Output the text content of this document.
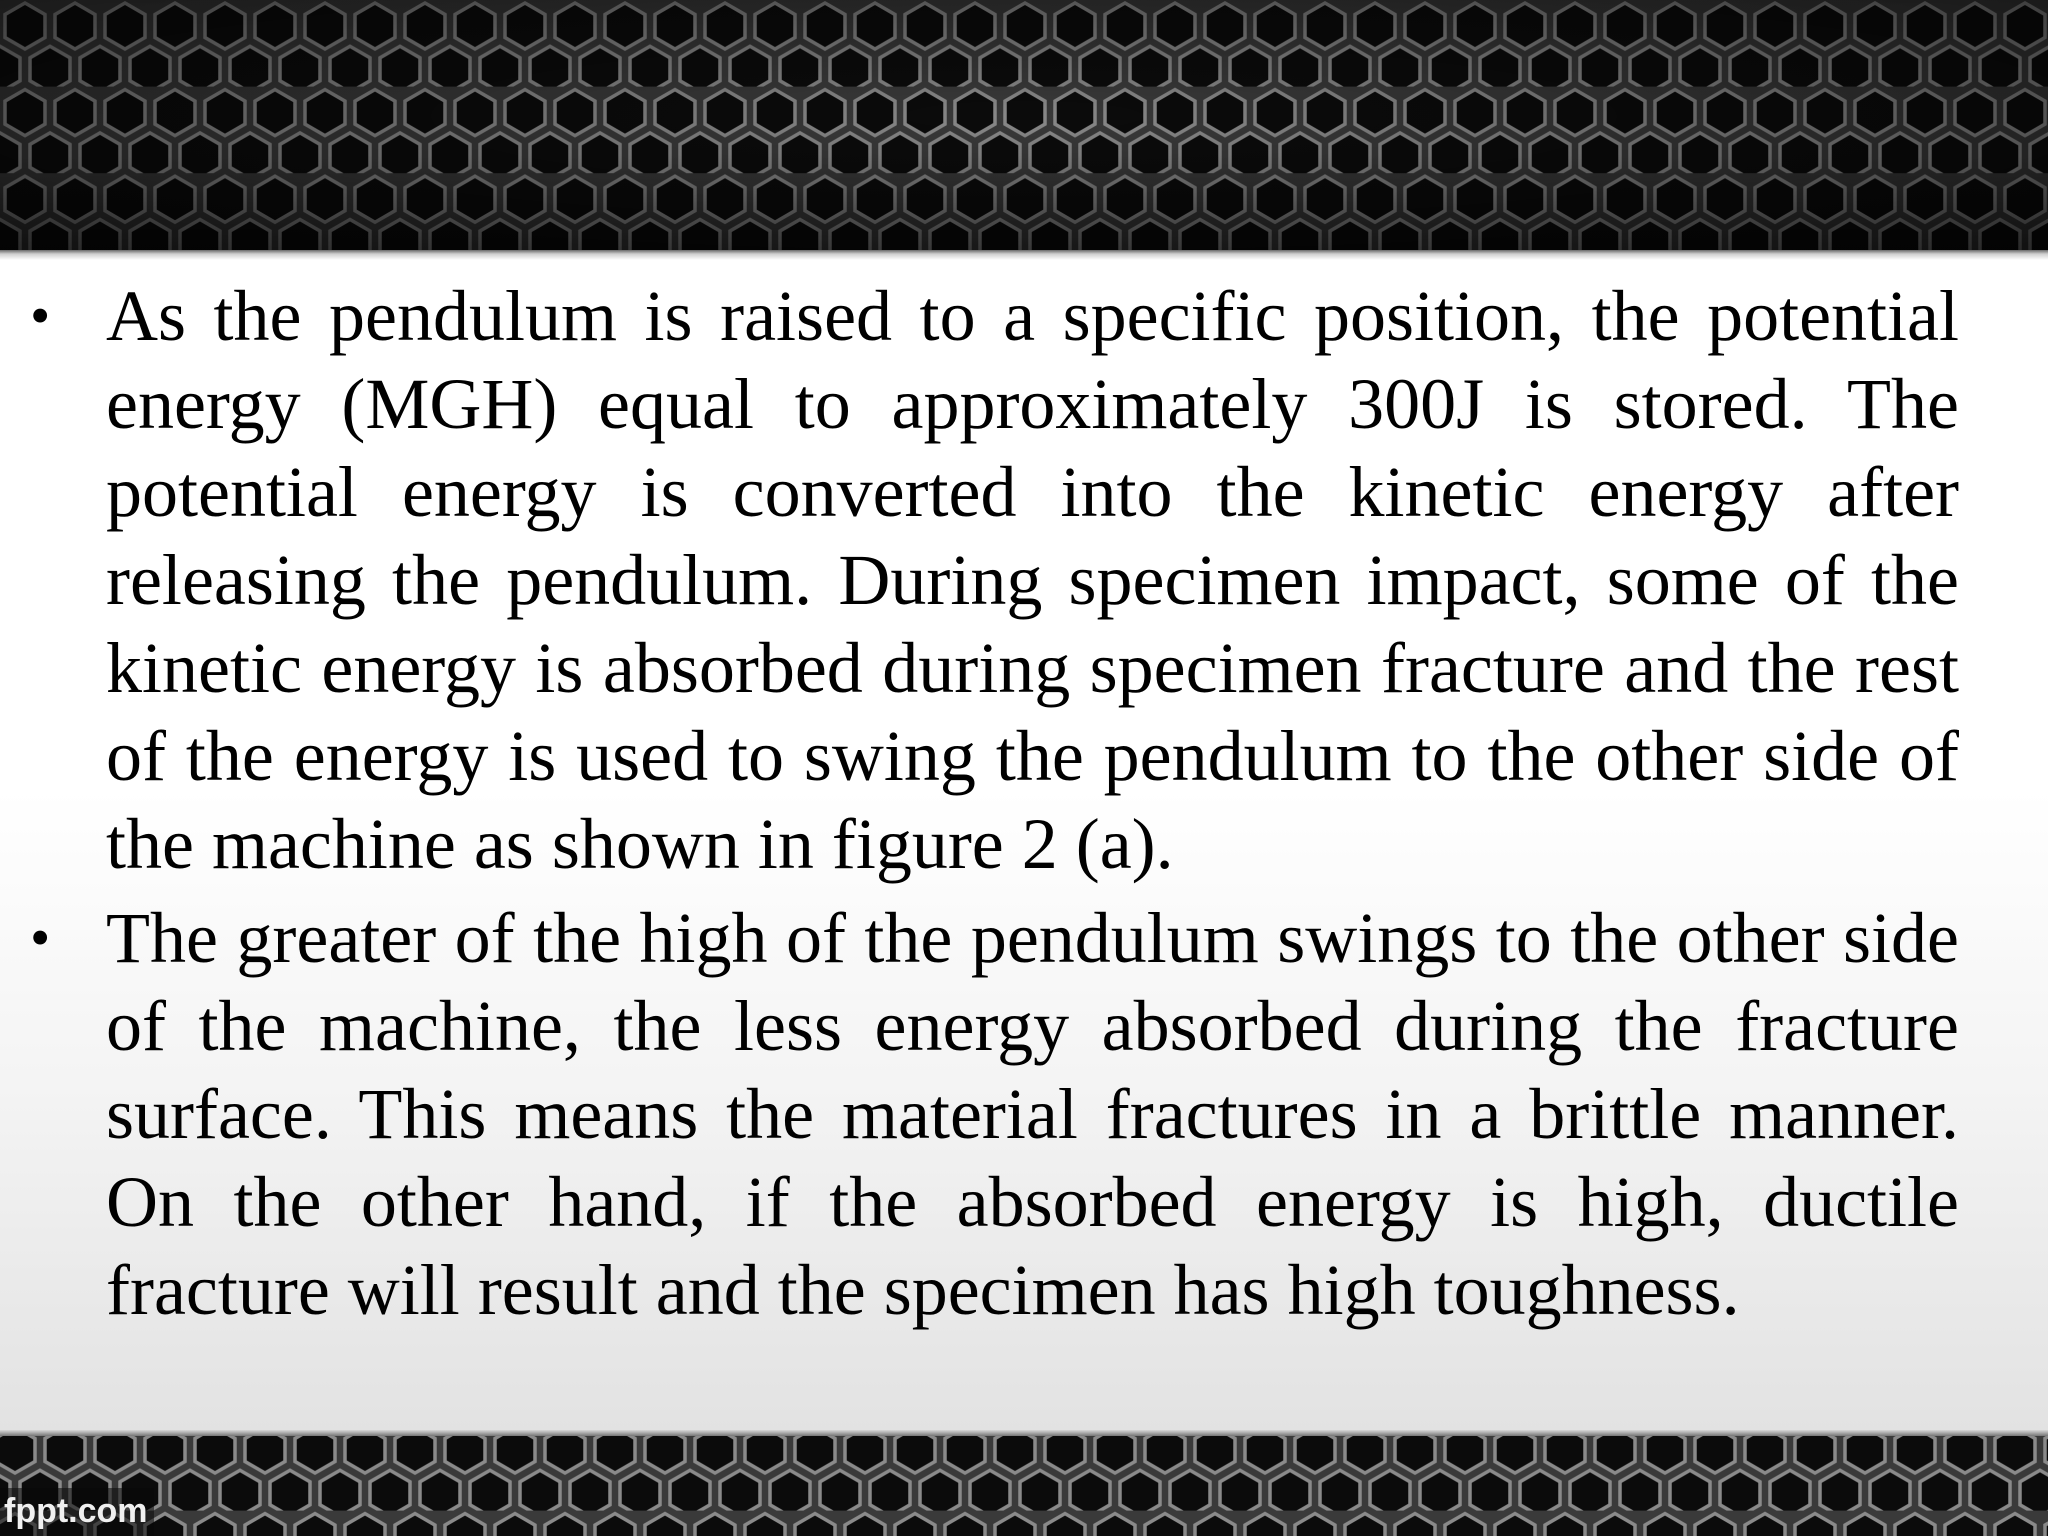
• As the pendulum is raised to a specific position, the potential energy (MGH) equal to approximately 300J is stored. The potential energy is converted into the kinetic energy after releasing the pendulum. During specimen impact, some of the kinetic energy is absorbed during specimen fracture and the rest of the energy is used to swing the pendulum to the other side of the machine as shown in figure 2 (a).
• The greater of the high of the pendulum swings to the other side of the machine, the less energy absorbed during the fracture surface. This means the material fractures in a brittle manner. On the other hand, if the absorbed energy is high, ductile fracture will result and the specimen has high toughness.
fppt.com
